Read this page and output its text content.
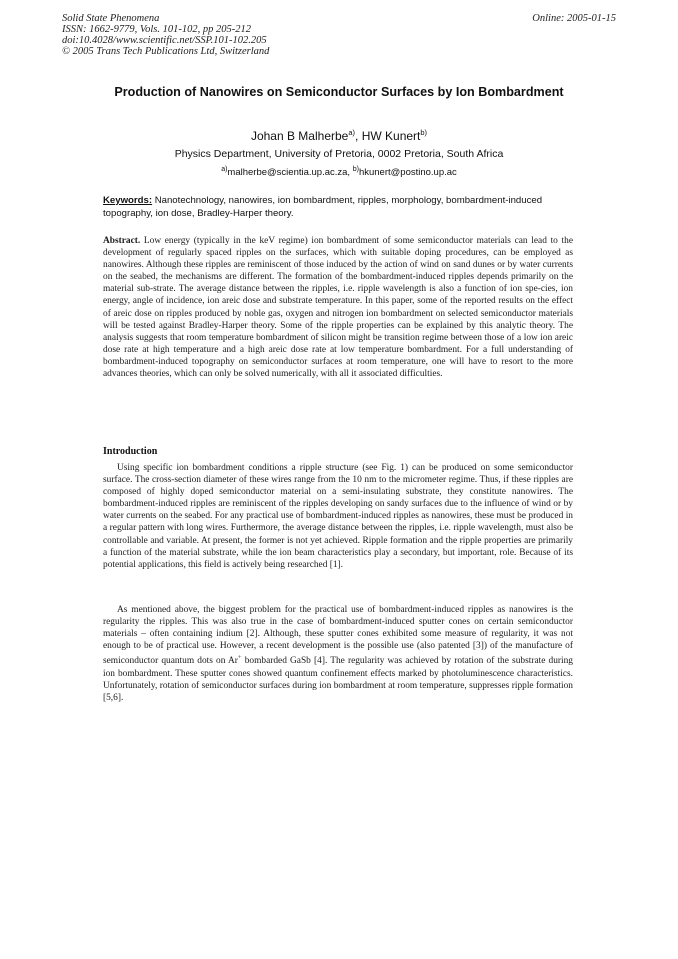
Solid State Phenomena
ISSN: 1662-9779, Vols. 101-102, pp 205-212
doi:10.4028/www.scientific.net/SSP.101-102.205
© 2005 Trans Tech Publications Ltd, Switzerland
Online: 2005-01-15
Production of Nanowires on Semiconductor Surfaces by Ion Bombardment
Johan B Malherbe$^{a)}$, HW Kunert$^{b)}$
Physics Department, University of Pretoria, 0002 Pretoria, South Africa
$^{a)}$malherbe@scientia.up.ac.za, $^{b)}$hkunert@postino.up.ac
Keywords: Nanotechnology, nanowires, ion bombardment, ripples, morphology, bombardment-induced topography, ion dose, Bradley-Harper theory.
Abstract. Low energy (typically in the keV regime) ion bombardment of some semiconductor materials can lead to the development of regularly spaced ripples on the surfaces, which with suitable doping procedures, can be employed as nanowires. Although these ripples are reminiscent of those induced by the action of wind on sand dunes or by water currents on the seabed, the mechanisms are different. The formation of the bombardment-induced ripples depends primarily on the material sub-strate. The average distance between the ripples, i.e. ripple wavelength is also a function of ion spe-cies, ion energy, angle of incidence, ion areic dose and substrate temperature. In this paper, some of the reported results on the effect of areic dose on ripples produced by noble gas, oxygen and nitrogen ion bombardment on selected semiconductor materials will be tested against Bradley-Harper theory. Some of the ripple properties can be explained by this analytic theory. The analysis suggests that room temperature bombardment of silicon might be transition regime between those of a low ion areic dose rate at high temperature and a high areic dose rate at low temperature bombardment. For a full understanding of bombardment-induced topography on semiconductor surfaces at room temperature, one will have to resort to the more advances theories, which can only be solved numerically, with all it associated difficulties.
Introduction
Using specific ion bombardment conditions a ripple structure (see Fig. 1) can be produced on some semiconductor surface. The cross-section diameter of these wires range from the 10 nm to the micrometer regime. Thus, if these ripples are composed of highly doped semiconductor material on a semi-insulating substrate, they constitute nanowires. The bombardment-induced ripples are reminiscent of the ripples developing on sandy surfaces due to the influence of wind or by water currents on the seabed. For any practical use of bombardment-induced ripples as nanowires, these must be produced in a regular pattern with long wires. Furthermore, the average distance between the ripples, i.e. ripple wavelength, must also be controllable and variable. At present, the former is not yet achieved. Ripple formation and the ripple properties are primarily a function of the material substrate, while the ion beam characteristics play a secondary, but important, role. Because of its potential applications, this field is actively being researched [1].
As mentioned above, the biggest problem for the practical use of bombardment-induced ripples as nanowires is the regularity the ripples. This was also true in the case of bombardment-induced sputter cones on certain semiconductor materials – often containing indium [2]. Although, these sputter cones exhibited some measure of regularity, it was not enough to be of practical use. However, a recent development is the possible use (also patented [3]) of the manufacture of semiconductor quantum dots on Ar+ bombarded GaSb [4]. The regularity was achieved by rotation of the substrate during ion bombardment. These sputter cones showed quantum confinement effects marked by photoluminescence characteristics. Unfortunately, rotation of semiconductor surfaces during ion bombardment at room temperature, suppresses ripple formation [5,6].
